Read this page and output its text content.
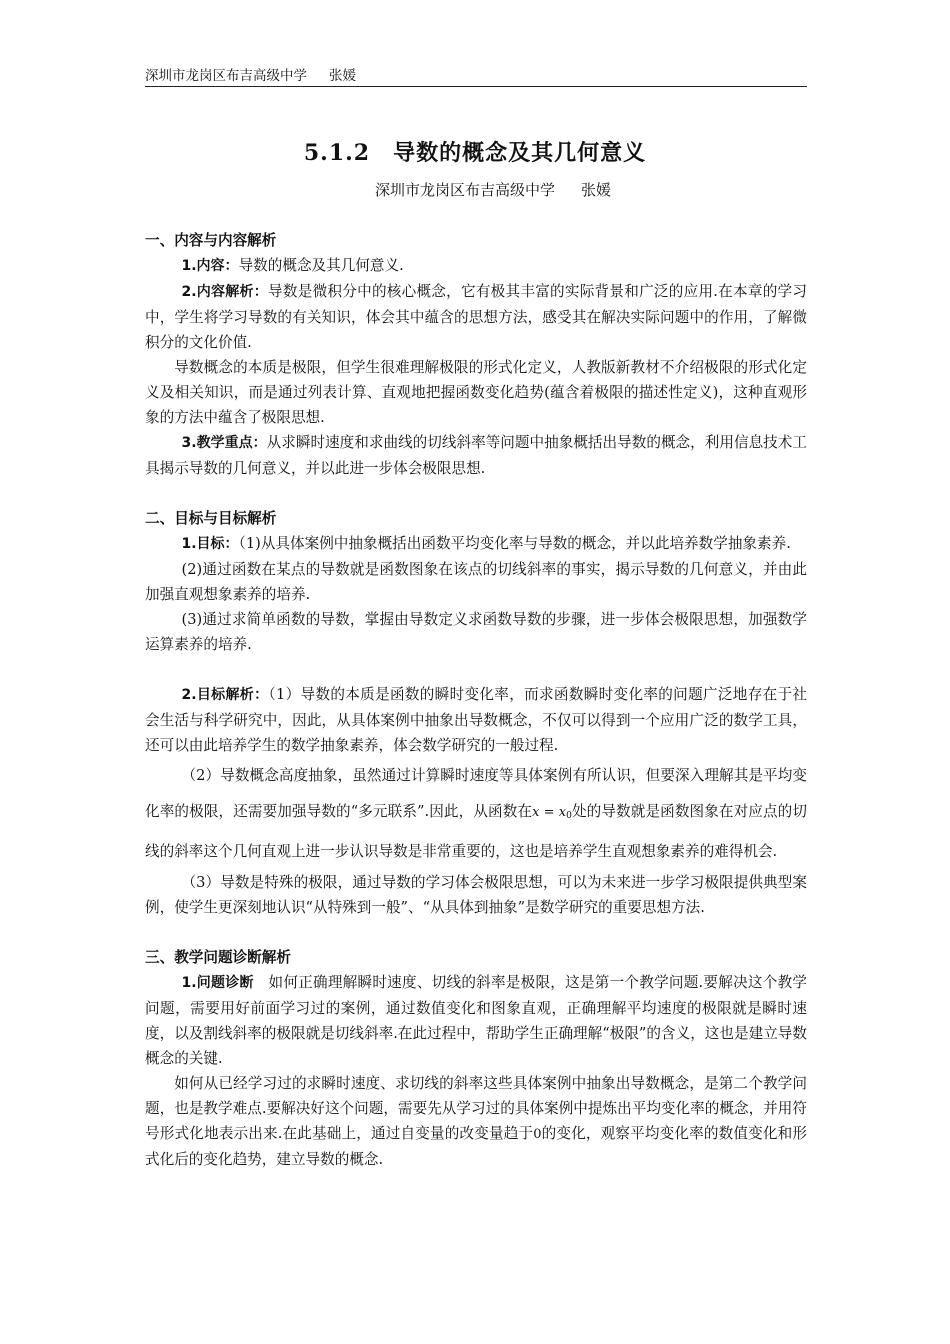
深圳市龙岗区布吉高级中学 张媛
5.1.2　导数的概念及其几何意义
深圳市龙岗区布吉高级中学 张媛
一、内容与内容解析

1.内容：导数的概念及其几何意义.

2.内容解析：导数是微积分中的核心概念，它有极其丰富的实际背景和广泛的应用.在本章的学习中，学生将学习导数的有关知识，体会其中蕴含的思想方法，感受其在解决实际问题中的作用，了解微积分的文化价值.

导数概念的本质是极限，但学生很难理解极限的形式化定义，人教版新教材不介绍极限的形式化定义及相关知识，而是通过列表计算、直观地把握函数变化趋势(蕴含着极限的描述性定义)，这种直观形象的方法中蕴含了极限思想.

3.教学重点：从求瞬时速度和求曲线的切线斜率等问题中抽象概括出导数的概念，利用信息技术工具揭示导数的几何意义，并以此进一步体会极限思想.

二、目标与目标解析

1.目标：（1)从具体案例中抽象概括出函数平均变化率与导数的概念，并以此培养数学抽象素养.

(2)通过函数在某点的导数就是函数图象在该点的切线斜率的事实，揭示导数的几何意义，并由此加强直观想象素养的培养.

(3)通过求简单函数的导数，掌握由导数定义求函数导数的步骤，进一步体会极限思想，加强数学运算素养的培养.

2.目标解析：（1）导数的本质是函数的瞬时变化率，而求函数瞬时变化率的问题广泛地存在于社会生活与科学研究中，因此，从具体案例中抽象出导数概念，不仅可以得到一个应用广泛的数学工具，还可以由此培养学生的数学抽象素养，体会数学研究的一般过程.

（2）导数概念高度抽象，虽然通过计算瞬时速度等具体案例有所认识，但要深入理解其是平均变化率的极限，还需要加强导数的“多元联系”.因此，从函数在$x = x_0$处的导数就是函数图象在对应点的切线的斜率这个几何直观上进一步认识导数是非常重要的，这也是培养学生直观想象素养的难得机会.

（3）导数是特殊的极限，通过导数的学习体会极限思想，可以为未来进一步学习极限提供典型案例，使学生更深刻地认识“从特殊到一般”、“从具体到抽象”是数学研究的重要思想方法.

三、教学问题诊断解析

1.问题诊断　如何正确理解瞬时速度、切线的斜率是极限，这是第一个教学问题.要解决这个教学问题，需要用好前面学习过的案例，通过数值变化和图象直观，正确理解平均速度的极限就是瞬时速度，以及割线斜率的极限就是切线斜率.在此过程中，帮助学生正确理解“极限”的含义，这也是建立导数概念的关键.

如何从已经学习过的求瞬时速度、求切线的斜率这些具体案例中抽象出导数概念，是第二个教学问题，也是教学难点.要解决好这个问题，需要先从学习过的具体案例中提炼出平均变化率的概念，并用符号形式化地表示出来.在此基础上，通过自变量的改变量趋于0的变化，观察平均变化率的数值变化和形式化后的变化趋势，建立导数的概念.
